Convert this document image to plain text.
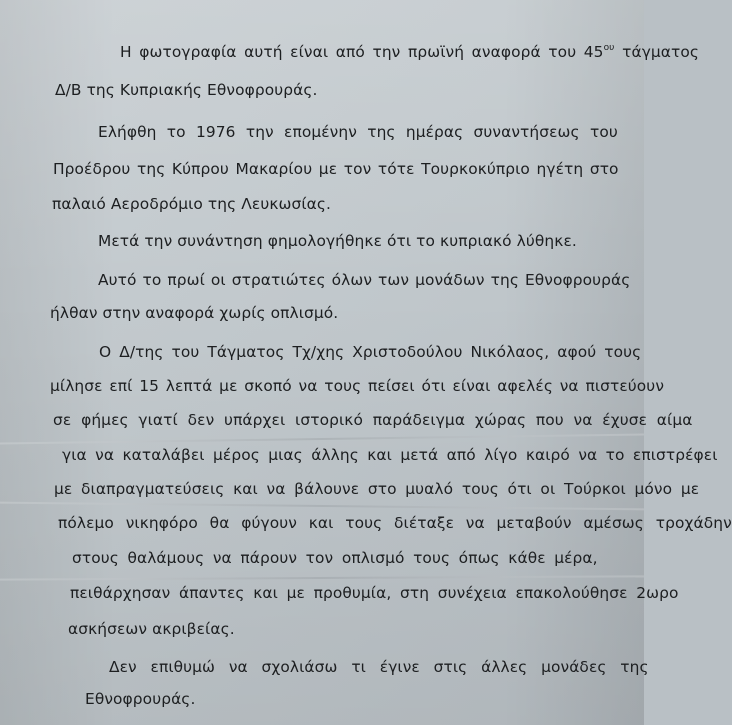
Η φωτογραφία αυτή είναι από την πρωϊνή αναφορά του $45^{o\upsilon}$ τάγματος
Δ/Β της Κυπριακής Εθνοφρουράς.
Ελήφθη το 1976 την επομένην της ημέρας συναντήσεως του
Προέδρου της Κύπρου Μακαρίου με τον τότε Τουρκοκύπριο ηγέτη στο
παλαιό Αεροδρόμιο της Λευκωσίας.
Μετά την συνάντηση φημολογήθηκε ότι το κυπριακό λύθηκε.
Αυτό το πρωί οι στρατιώτες όλων των μονάδων της Εθνοφρουράς
ήλθαν στην αναφορά χωρίς οπλισμό.
Ο Δ/της του Τάγματος Τχ/χης Χριστοδούλου Νικόλαος, αφού τους
μίλησε επί 15 λεπτά με σκοπό να τους πείσει ότι είναι αφελές να πιστεύουν
σε φήμες γιατί δεν υπάρχει ιστορικό παράδειγμα χώρας που να έχυσε αίμα
για να καταλάβει μέρος μιας άλλης και μετά από λίγο καιρό να το επιστρέφει
με διαπραγματεύσεις και να βάλουνε στο μυαλό τους ότι οι Τούρκοι μόνο με
πόλεμο νικηφόρο θα φύγουν και τους διέταξε να μεταβούν αμέσως τροχάδην
στους θαλάμους να πάρουν τον οπλισμό τους όπως κάθε μέρα,
πειθάρχησαν άπαντες και με προθυμία, στη συνέχεια επακολούθησε 2ωρο
ασκήσεων ακριβείας.
Δεν επιθυμώ να σχολιάσω τι έγινε στις άλλες μονάδες της
Εθνοφρουράς.
